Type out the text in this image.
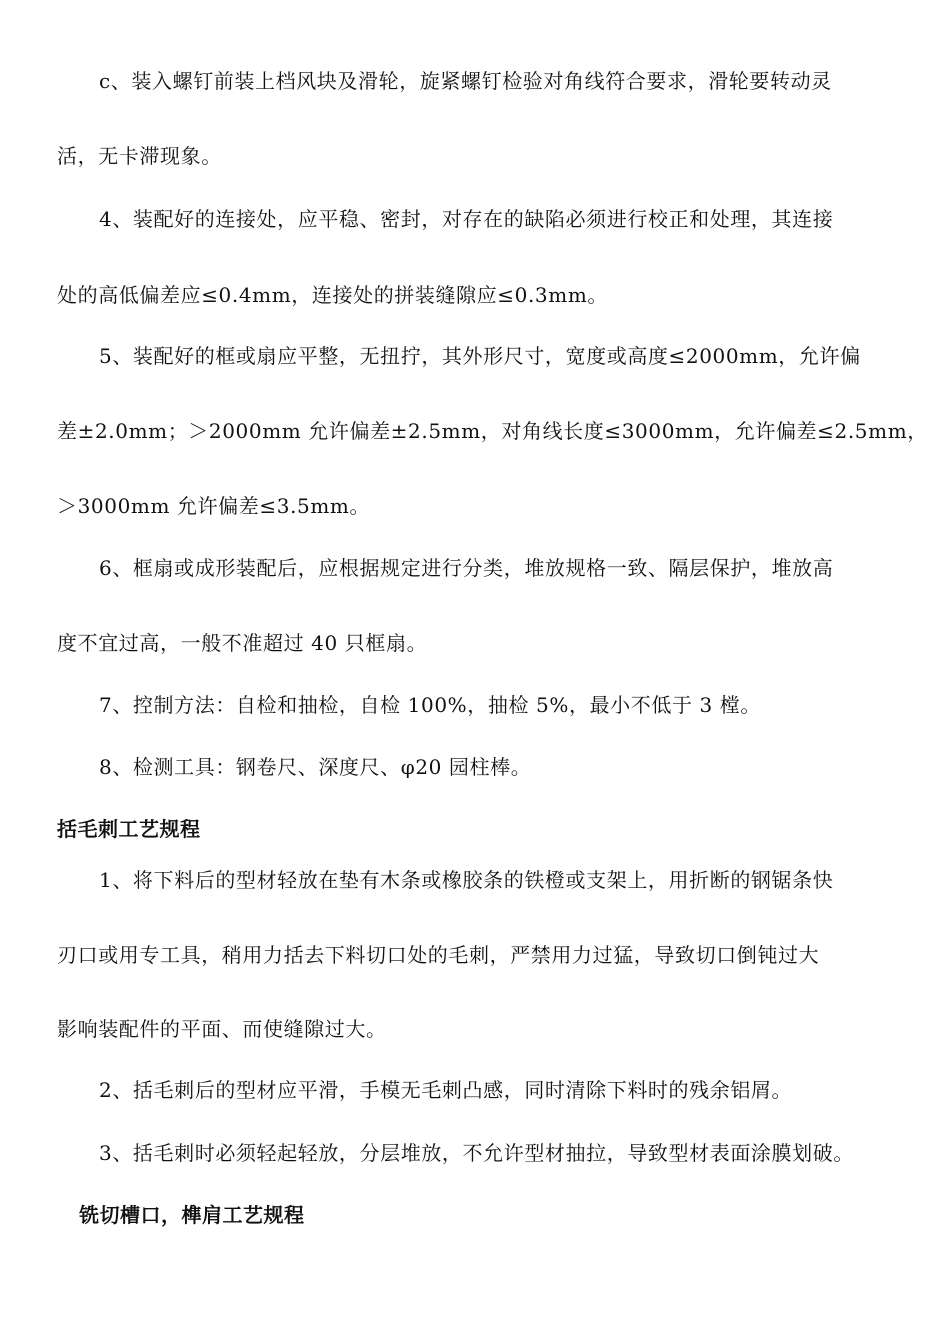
c、装入螺钉前装上档风块及滑轮，旋紧螺钉检验对角线符合要求，滑轮要转动灵
活，无卡滞现象。
4、装配好的连接处，应平稳、密封，对存在的缺陷必须进行校正和处理，其连接
处的高低偏差应≤0.4mm，连接处的拼装缝隙应≤0.3mm。
5、装配好的框或扇应平整，无扭拧，其外形尺寸，宽度或高度≤2000mm，允许偏
差±2.0mm；＞2000mm 允许偏差±2.5mm，对角线长度≤3000mm，允许偏差≤2.5mm，
＞3000mm 允许偏差≤3.5mm。
6、框扇或成形装配后，应根据规定进行分类，堆放规格一致、隔层保护，堆放高
度不宜过高，一般不准超过 40 只框扇。
7、控制方法：自检和抽检，自检 100%，抽检 5%，最小不低于 3 樘。
8、检测工具：钢卷尺、深度尺、φ20 园柱棒。
括毛刺工艺规程
1、将下料后的型材轻放在垫有木条或橡胶条的铁橙或支架上，用折断的钢锯条快
刃口或用专工具，稍用力括去下料切口处的毛刺，严禁用力过猛，导致切口倒钝过大
影响装配件的平面、而使缝隙过大。
2、括毛刺后的型材应平滑，手模无毛刺凸感，同时清除下料时的残余铝屑。
3、括毛刺时必须轻起轻放，分层堆放，不允许型材抽拉，导致型材表面涂膜划破。
铣切槽口，榫肩工艺规程
